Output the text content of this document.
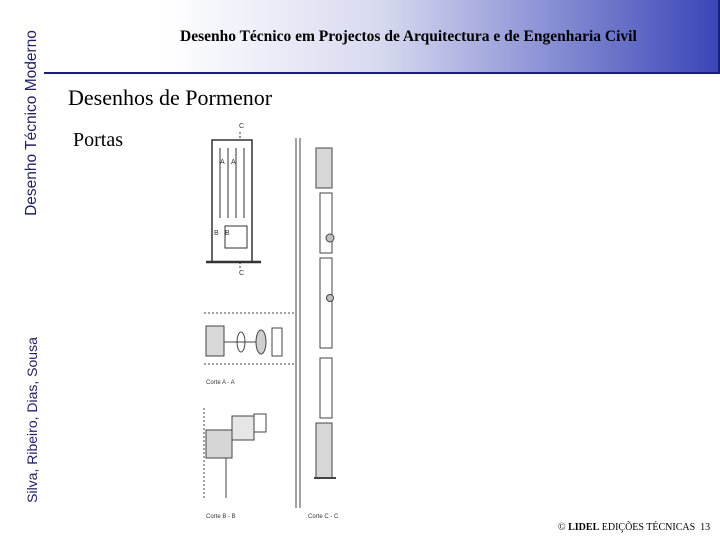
Desenho Técnico Moderno
Silva, Ribeiro, Dias, Sousa
Desenho Técnico em Projectos de Arquitectura e de Engenharia Civil
Desenhos de Pormenor
Portas
C
C
A A
B B
Corte A - A
Corte B - B	Corte C - C
© LIDEL EDIÇÕES TÉCNICAS 13
